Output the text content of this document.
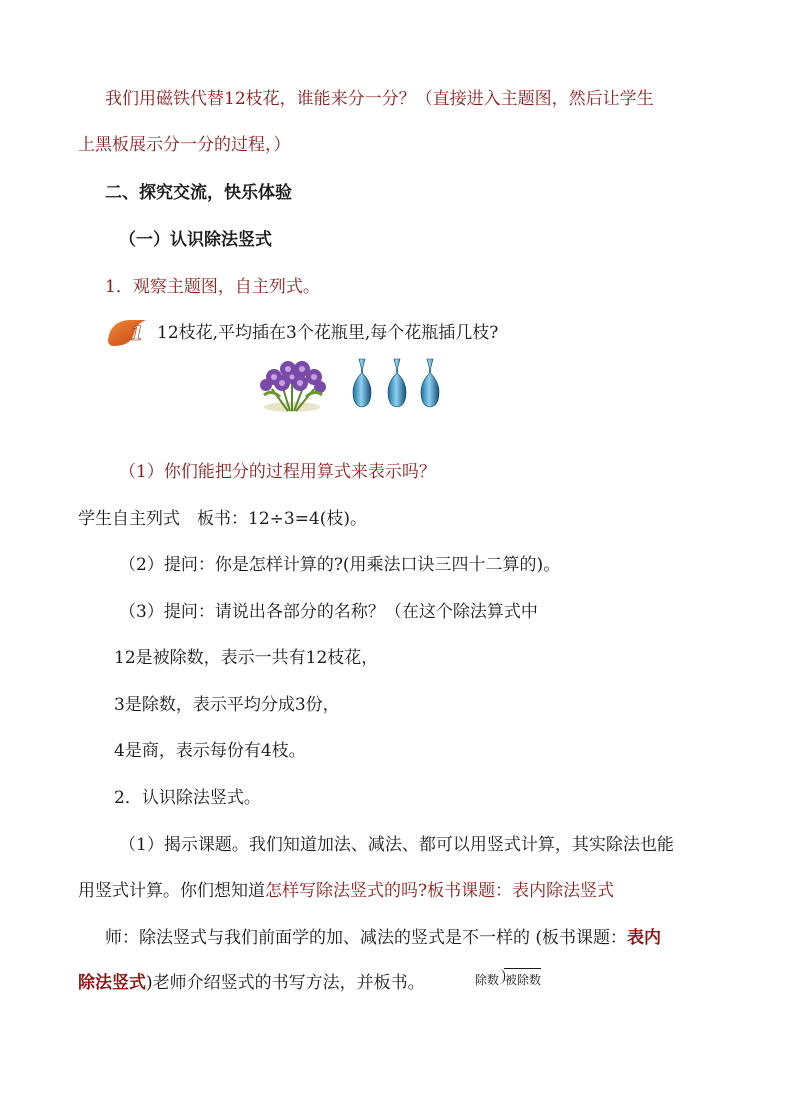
我们用磁铁代替12枝花，谁能来分一分？（直接进入主题图，然后让学生
上黑板展示分一分的过程，）
二、探究交流，快乐体验
（一）认识除法竖式
1．观察主题图，自主列式。
1 12枝花,平均插在3个花瓶里,每个花瓶插几枝?
（1）你们能把分的过程用算式来表示吗？
学生自主列式　板书：12÷3=4(枝)。
（2）提问：你是怎样计算的?(用乘法口诀三四十二算的)。
（3）提问：请说出各部分的名称？（在这个除法算式中
12是被除数，表示一共有12枝花，
3是除数，表示平均分成3份，
4是商，表示每份有4枝。
2．认识除法竖式。
（1）揭示课题。我们知道加法、减法、都可以用竖式计算，其实除法也能
用竖式计算。你们想知道怎样写除法竖式的吗?板书课题：表内除法竖式
师：除法竖式与我们前面学的加、减法的竖式是不一样的 (板书课题：表内
除法竖式)老师介绍竖式的书写方法，并板书。	除数 被除数
